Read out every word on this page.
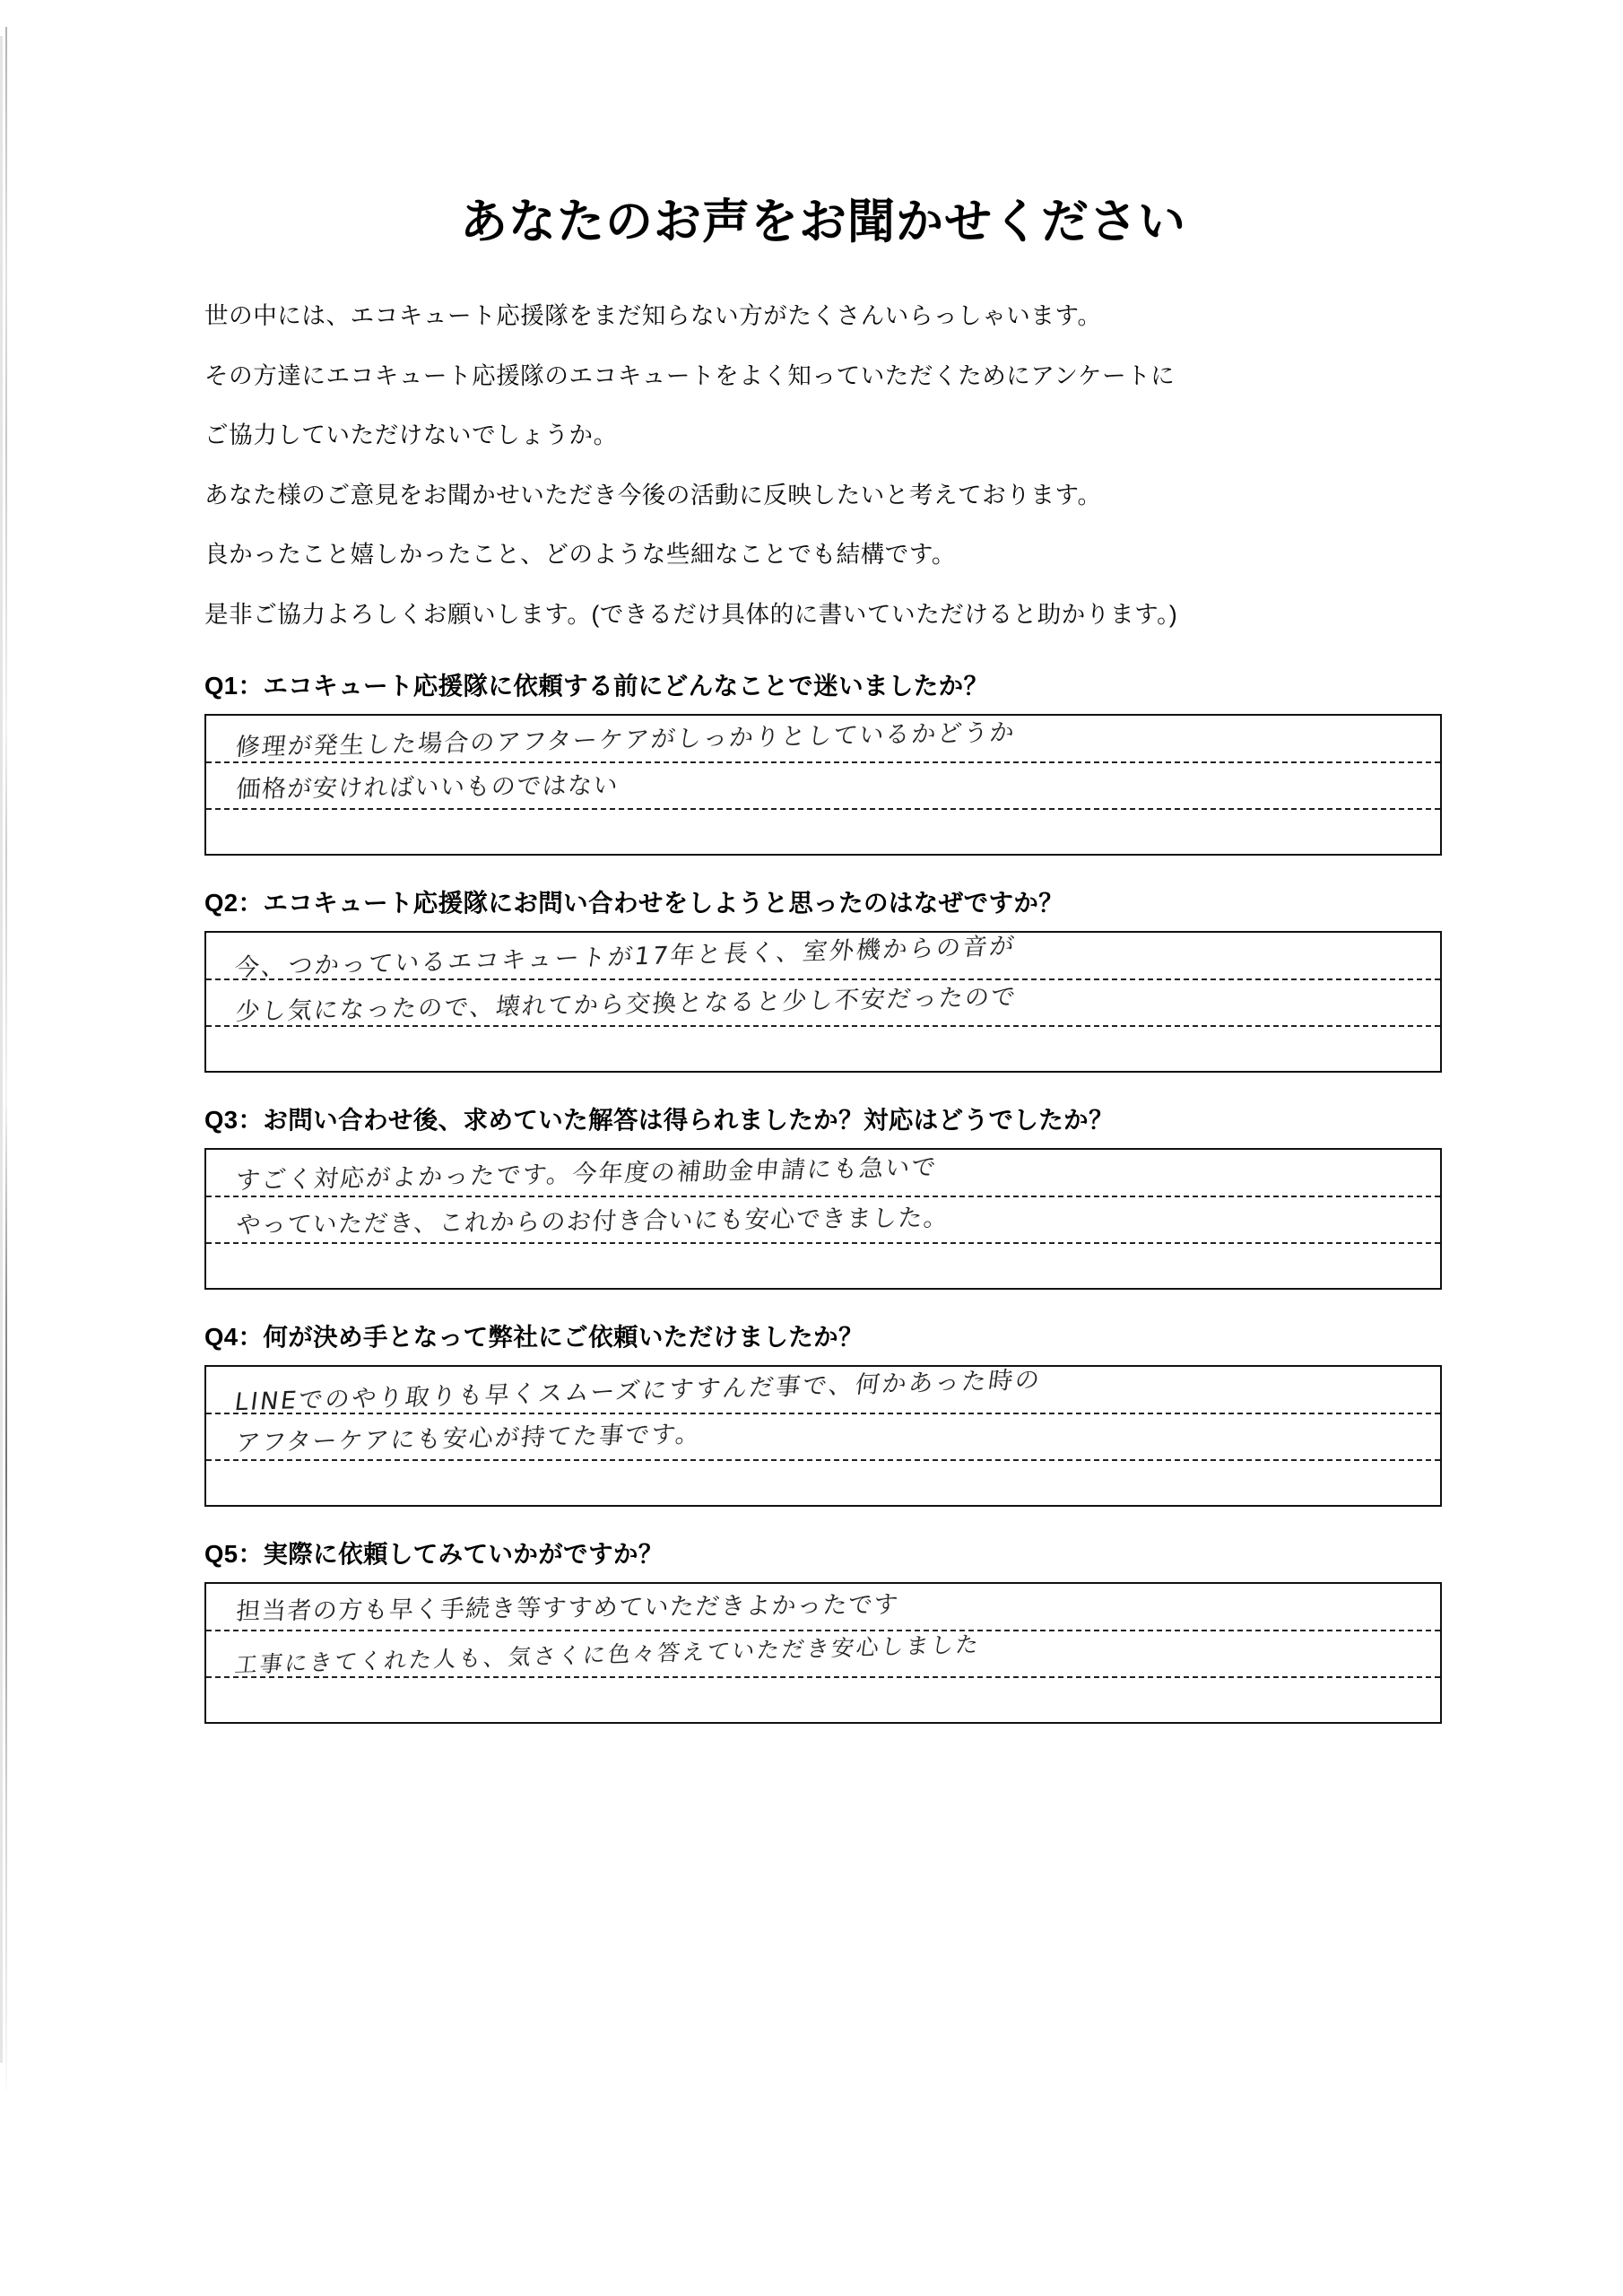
あなたのお声をお聞かせください
世の中には、エコキュート応援隊をまだ知らない方がたくさんいらっしゃいます。
その方達にエコキュート応援隊のエコキュートをよく知っていただくためにアンケートに
ご協力していただけないでしょうか。
あなた様のご意見をお聞かせいただき今後の活動に反映したいと考えております。
良かったこと嬉しかったこと、どのような些細なことでも結構です。
是非ご協力よろしくお願いします。(できるだけ具体的に書いていただけると助かります。)
Q1：エコキュート応援隊に依頼する前にどんなことで迷いましたか？
修理が発生した場合のアフターケアがしっかりとしているかどうか
価格が安ければいいものではない
Q2：エコキュート応援隊にお問い合わせをしようと思ったのはなぜですか？
今、つかっているエコキュートが17年と長く、室外機からの音が
少し気になったので、壊れてから交換となると少し不安だったので
Q3：お問い合わせ後、求めていた解答は得られましたか？対応はどうでしたか？
すごく対応がよかったです。今年度の補助金申請にも急いで
やっていただき、これからのお付き合いにも安心できました。
Q4：何が決め手となって弊社にご依頼いただけましたか？
LINEでのやり取りも早くスムーズにすすんだ事で、何かあった時の
アフターケアにも安心が持てた事です。
Q5：実際に依頼してみていかがですか？
担当者の方も早く手続き等すすめていただきよかったです
工事にきてくれた人も、気さくに色々答えていただき安心しました
